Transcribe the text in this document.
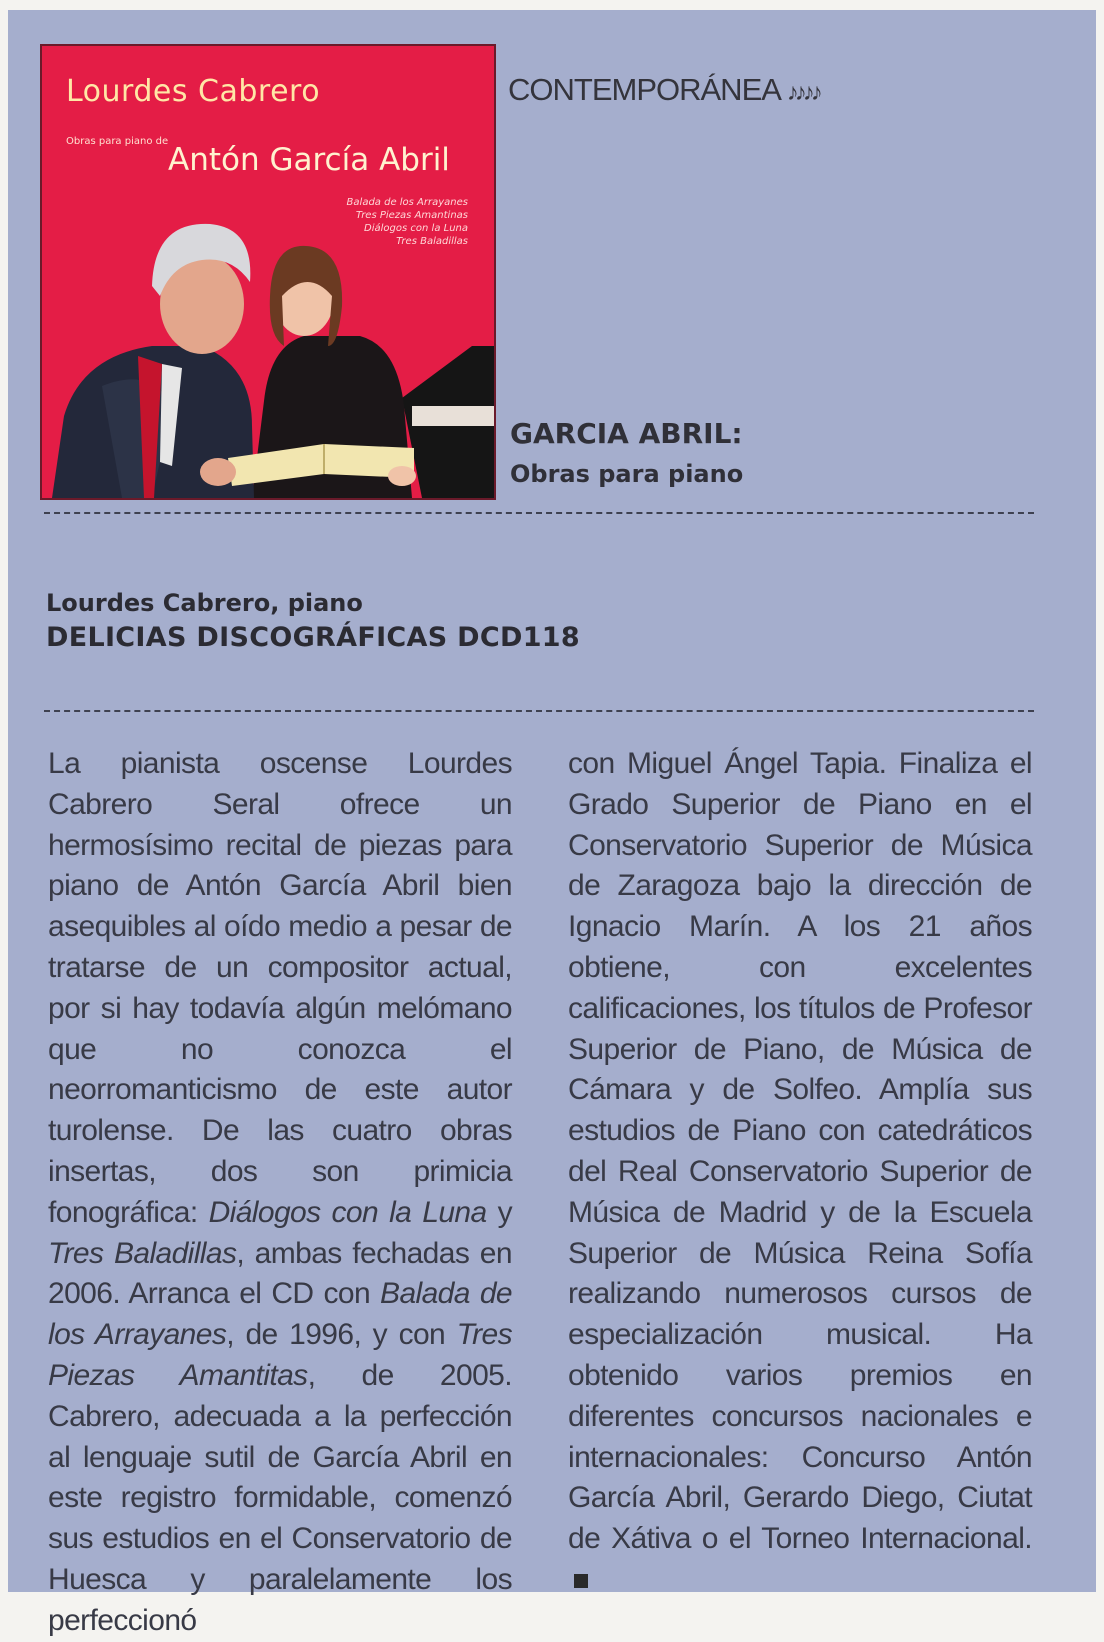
Lourdes Cabrero
Obras para piano de
Antón García Abril
Balada de los Arrayanes
Tres Piezas Amantinas
Diálogos con la Luna
Tres Baladillas
CONTEMPORÁNEA ♪♪♪♪
GARCIA ABRIL:
Obras para piano
Lourdes Cabrero, piano
DELICIAS DISCOGRÁFICAS DCD118

La pianista oscense Lourdes Cabrero Seral ofrece un hermosísimo recital de piezas para piano de Antón García Abril bien asequibles al oído medio a pesar de tratarse de un compositor actual, por si hay todavía algún melómano que no conozca el neorromanticismo de este autor turolense. De las cuatro obras insertas, dos son primicia fonográfica: Diálogos con la Luna y Tres Baladillas, ambas fechadas en 2006. Arranca el CD con Balada de los Arrayanes, de 1996, y con Tres Piezas Amantitas, de 2005. Cabrero, adecuada a la perfección al lenguaje sutil de García Abril en este registro formidable, comenzó sus estudios en el Conservatorio de Huesca y paralelamente los perfeccionó

con Miguel Ángel Tapia. Finaliza el Grado Superior de Piano en el Conservatorio Superior de Música de Zaragoza bajo la dirección de Ignacio Marín. A los 21 años obtiene, con excelentes calificaciones, los títulos de Profesor Superior de Piano, de Música de Cámara y de Solfeo. Amplía sus estudios de Piano con catedráticos del Real Conservatorio Superior de Música de Madrid y de la Escuela Superior de Música Reina Sofía realizando numerosos cursos de especialización musical. Ha obtenido varios premios en diferentes concursos nacionales e internacionales: Concurso Antón García Abril, Gerardo Diego, Ciutat de Xátiva o el Torneo Internacional.
